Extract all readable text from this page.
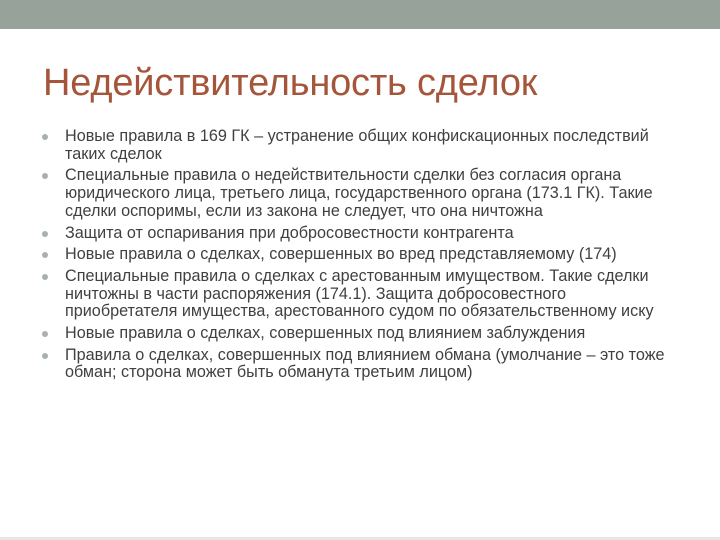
Недействительность сделок
Новые правила в 169 ГК – устранение общих конфискационных последствий таких сделок
Специальные правила о недействительности сделки без согласия органа юридического лица, третьего лица, государственного органа (173.1 ГК). Такие сделки оспоримы, если из закона не следует, что она ничтожна
Защита от оспаривания при добросовестности контрагента
Новые правила о сделках, совершенных во вред представляемому (174)
Специальные правила о сделках с арестованным имуществом. Такие сделки ничтожны в части распоряжения (174.1). Защита добросовестного приобретателя имущества, арестованного судом по обязательственному иску
Новые правила о сделках, совершенных под влиянием заблуждения
Правила о сделках, совершенных под влиянием обмана (умолчание – это тоже обман; сторона может быть обманута третьим лицом)
